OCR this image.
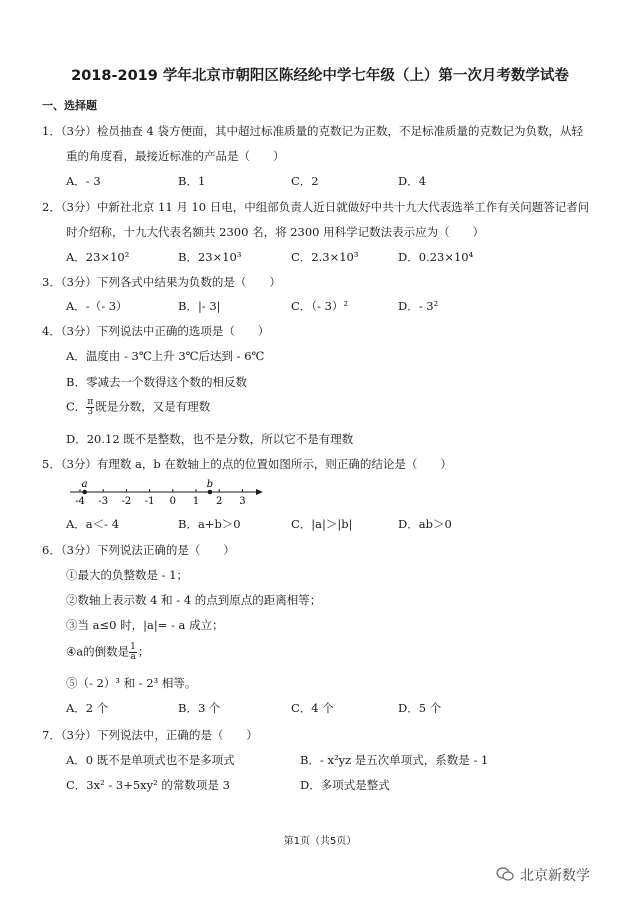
2018-2019 学年北京市朝阳区陈经纶中学七年级（上）第一次月考数学试卷
一、选择题
1．（3分）检员抽查 4 袋方便面，其中超过标准质量的克数记为正数，不足标准质量的克数记为负数，从轻
重的角度看，最接近标准的产品是（　　）
A．- 3	B．1	C．2	D．4
2．（3分）中新社北京 11 月 10 日电，中组部负责人近日就做好中共十九大代表选举工作有关问题答记者问
时介绍称，十九大代表名额共 2300 名，将 2300 用科学记数法表示应为（　　）
A．23×10²	B．23×10³	C．2.3×10³	D．0.23×10⁴
3．（3分）下列各式中结果为负数的是（　　）
A．-（- 3）	B．|- 3|	C．（- 3）²	D．- 3²
4．（3分）下列说法中正确的选项是（　　）
A．温度由 - 3℃上升 3℃后达到 - 6℃
B．零减去一个数得这个数的相反数
C． $\frac{\pi}{3}$ 既是分数，又是有理数
D．20.12 既不是整数，也不是分数，所以它不是有理数
5．（3分）有理数 a，b 在数轴上的点的位置如图所示，则正确的结论是（　　）
-4 -3 -2 -1 0 1 2 3
a	b
A．a＜- 4	B．a+b＞0	C．|a|＞|b|	D．ab＞0
6．（3分）下列说法正确的是（　　）
①最大的负整数是 - 1；
②数轴上表示数 4 和 - 4 的点到原点的距离相等；
③当 a≤0 时，|a|= - a 成立；
④a的倒数是 $\frac{1}{a}$ ；
⑤（- 2）³ 和 - 2³ 相等。
A．2 个	B．3 个	C．4 个	D．5 个
7．（3分）下列说法中，正确的是（　　）
A．0 既不是单项式也不是多项式	B．- x²yz 是五次单项式，系数是 - 1
C．3x² - 3+5xy² 的常数项是 3	D．多项式是整式
第1页（共5页）
北京新数学
